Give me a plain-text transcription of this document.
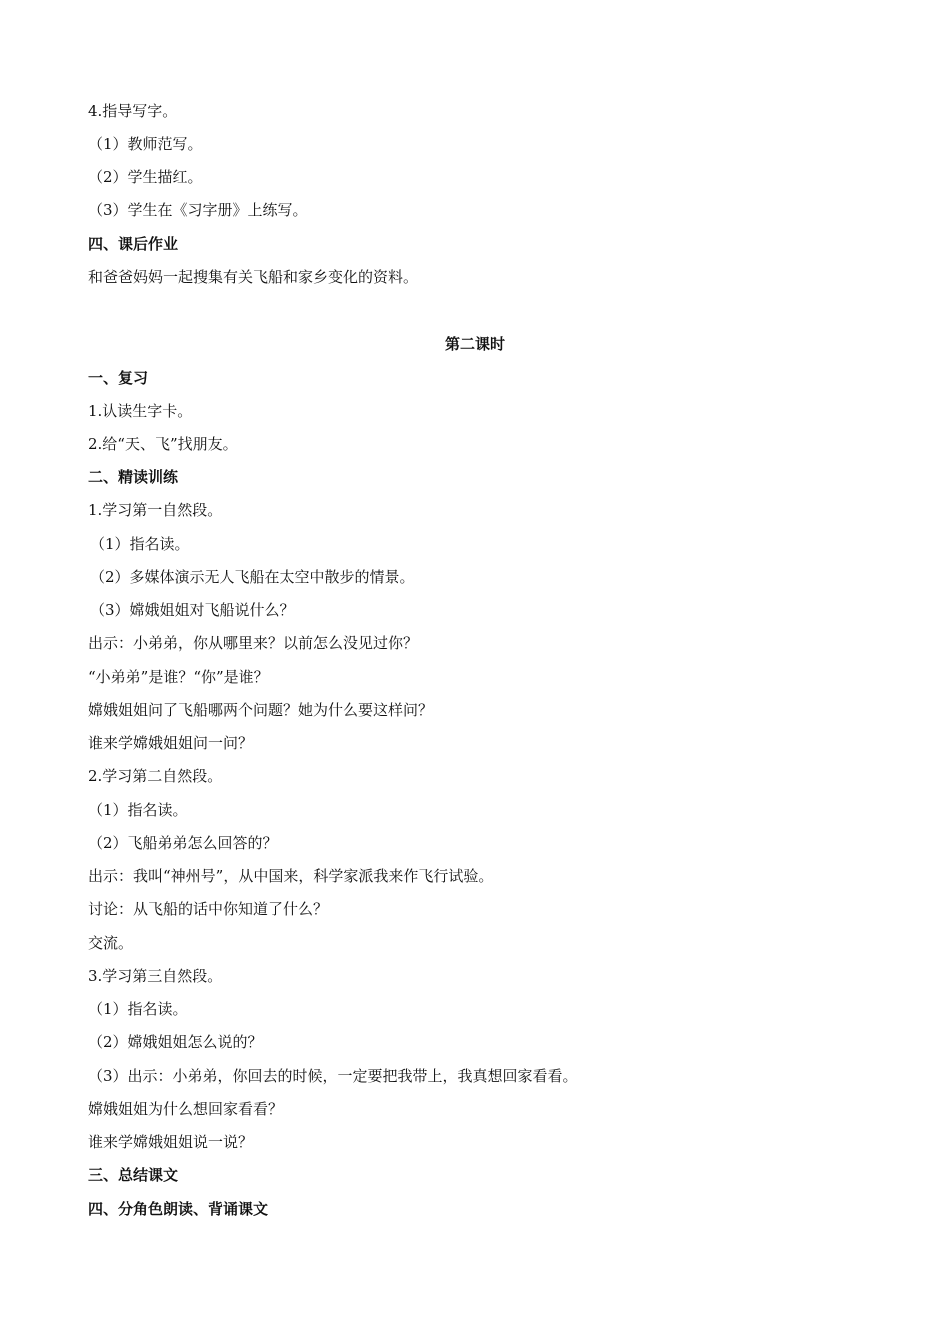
4.指导写字。
（1）教师范写。
（2）学生描红。
（3）学生在《习字册》上练写。
四、课后作业
和爸爸妈妈一起搜集有关飞船和家乡变化的资料。
第二课时
一、复习
1.认读生字卡。
2.给“天、飞”找朋友。
二、精读训练
1.学习第一自然段。
（1）指名读。
（2）多媒体演示无人飞船在太空中散步的情景。
（3）嫦娥姐姐对飞船说什么？
出示：小弟弟，你从哪里来？以前怎么没见过你？
“小弟弟”是谁？“你”是谁？
嫦娥姐姐问了飞船哪两个问题？她为什么要这样问？
谁来学嫦娥姐姐问一问？
2.学习第二自然段。
（1）指名读。
（2）飞船弟弟怎么回答的？
出示：我叫“神州号”，从中国来，科学家派我来作飞行试验。
讨论：从飞船的话中你知道了什么？
交流。
3.学习第三自然段。
（1）指名读。
（2）嫦娥姐姐怎么说的？
（3）出示：小弟弟，你回去的时候，一定要把我带上，我真想回家看看。
嫦娥姐姐为什么想回家看看？
谁来学嫦娥姐姐说一说？
三、总结课文
四、分角色朗读、背诵课文
